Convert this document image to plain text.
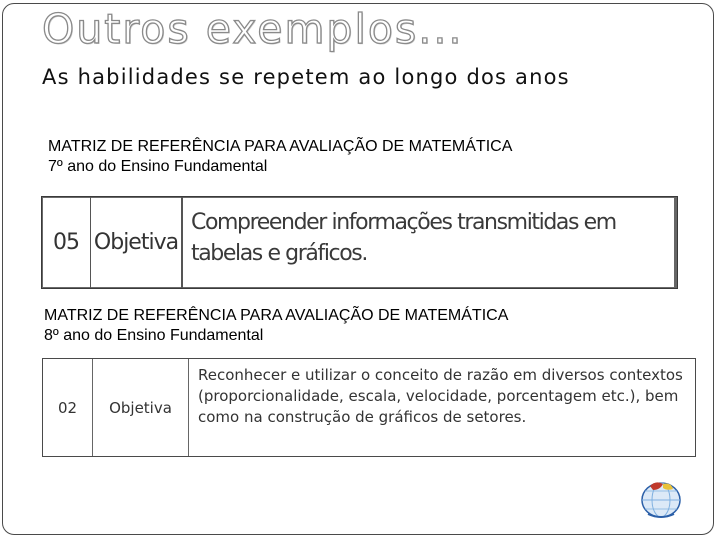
Outros exemplos...
As habilidades se repetem ao longo dos anos
MATRIZ DE REFERÊNCIA PARA AVALIAÇÃO DE MATEMÁTICA
7º ano do Ensino Fundamental
05 Objetiva
Compreender informações transmitidas em tabelas e gráficos.
MATRIZ DE REFERÊNCIA PARA AVALIAÇÃO DE MATEMÁTICA
8º ano do Ensino Fundamental
02	Objetiva
Reconhecer e utilizar o conceito de razão em diversos contextos (proporcionalidade, escala, velocidade, porcentagem etc.), bem como na construção de gráficos de setores.
